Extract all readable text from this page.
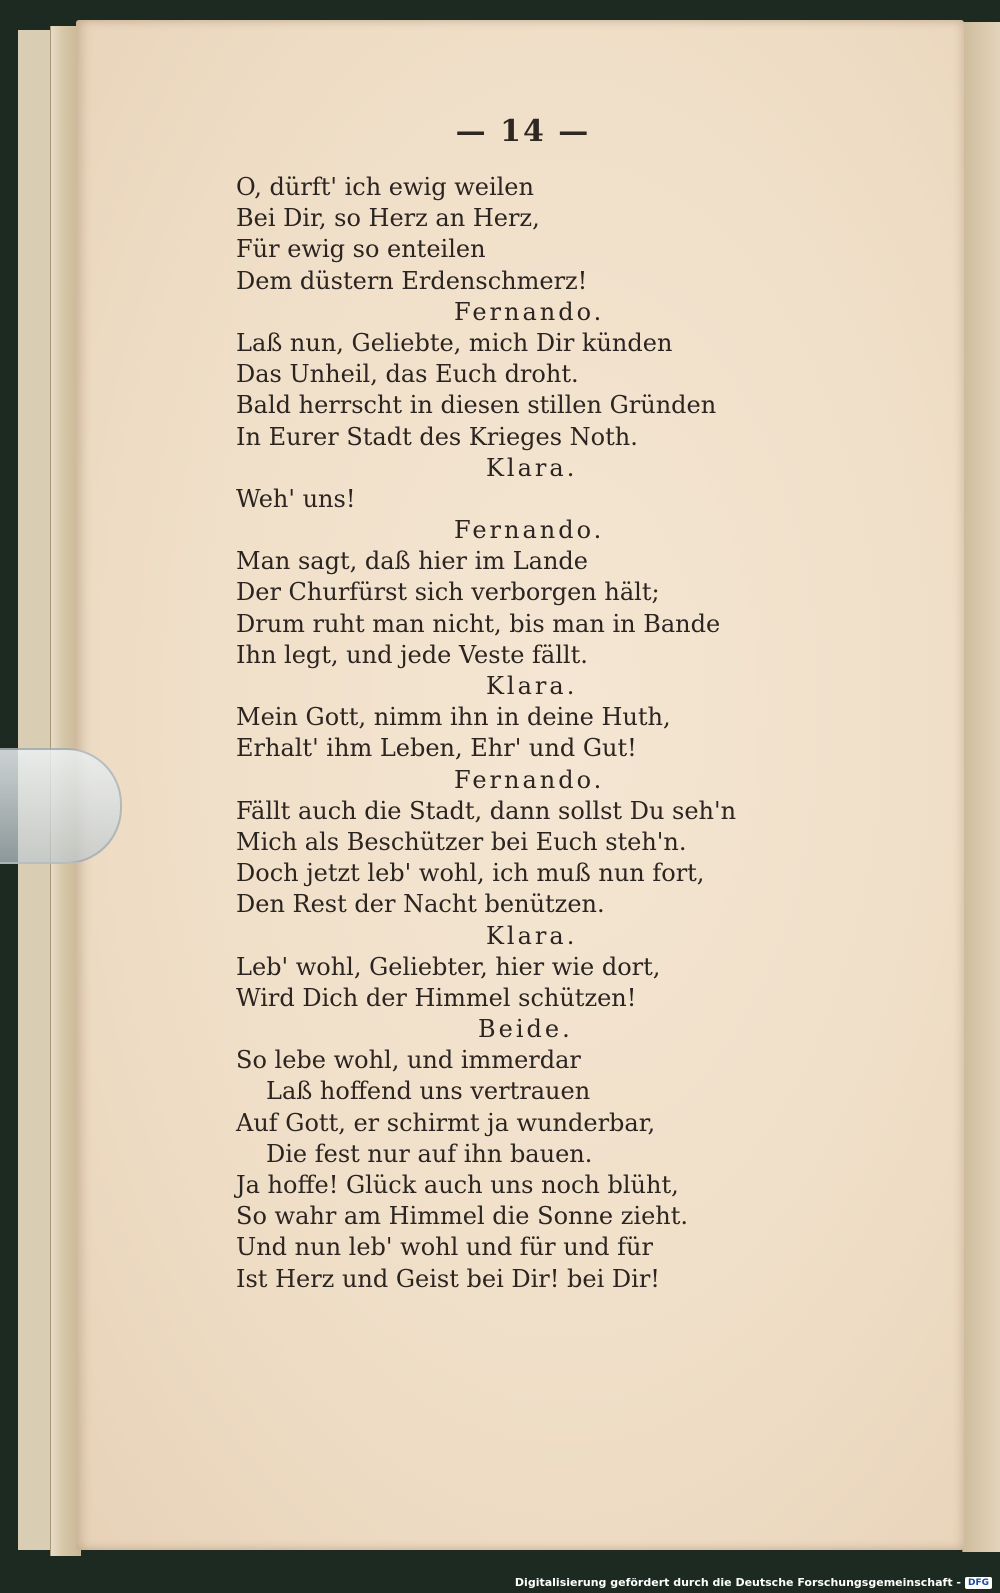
— 14 —
O, dürft' ich ewig weilen
Bei Dir, so Herz an Herz,
Für ewig so enteilen
Dem düstern Erdenschmerz!
Fernando.
Laß nun, Geliebte, mich Dir künden
Das Unheil, das Euch droht.
Bald herrscht in diesen stillen Gründen
In Eurer Stadt des Krieges Noth.
Klara.
Weh' uns!
Fernando.
Man sagt, daß hier im Lande
Der Churfürst sich verborgen hält;
Drum ruht man nicht, bis man in Bande
Ihn legt, und jede Veste fällt.
Klara.
Mein Gott, nimm ihn in deine Huth,
Erhalt' ihm Leben, Ehr' und Gut!
Fernando.
Fällt auch die Stadt, dann sollst Du seh'n
Mich als Beschützer bei Euch steh'n.
Doch jetzt leb' wohl, ich muß nun fort,
Den Rest der Nacht benützen.
Klara.
Leb' wohl, Geliebter, hier wie dort,
Wird Dich der Himmel schützen!
Beide.
So lebe wohl, und immerdar
Laß hoffend uns vertrauen
Auf Gott, er schirmt ja wunderbar,
Die fest nur auf ihn bauen.
Ja hoffe! Glück auch uns noch blüht,
So wahr am Himmel die Sonne zieht.
Und nun leb' wohl und für und für
Ist Herz und Geist bei Dir! bei Dir!
Digitalisierung gefördert durch die Deutsche Forschungsgemeinschaft - DFG
